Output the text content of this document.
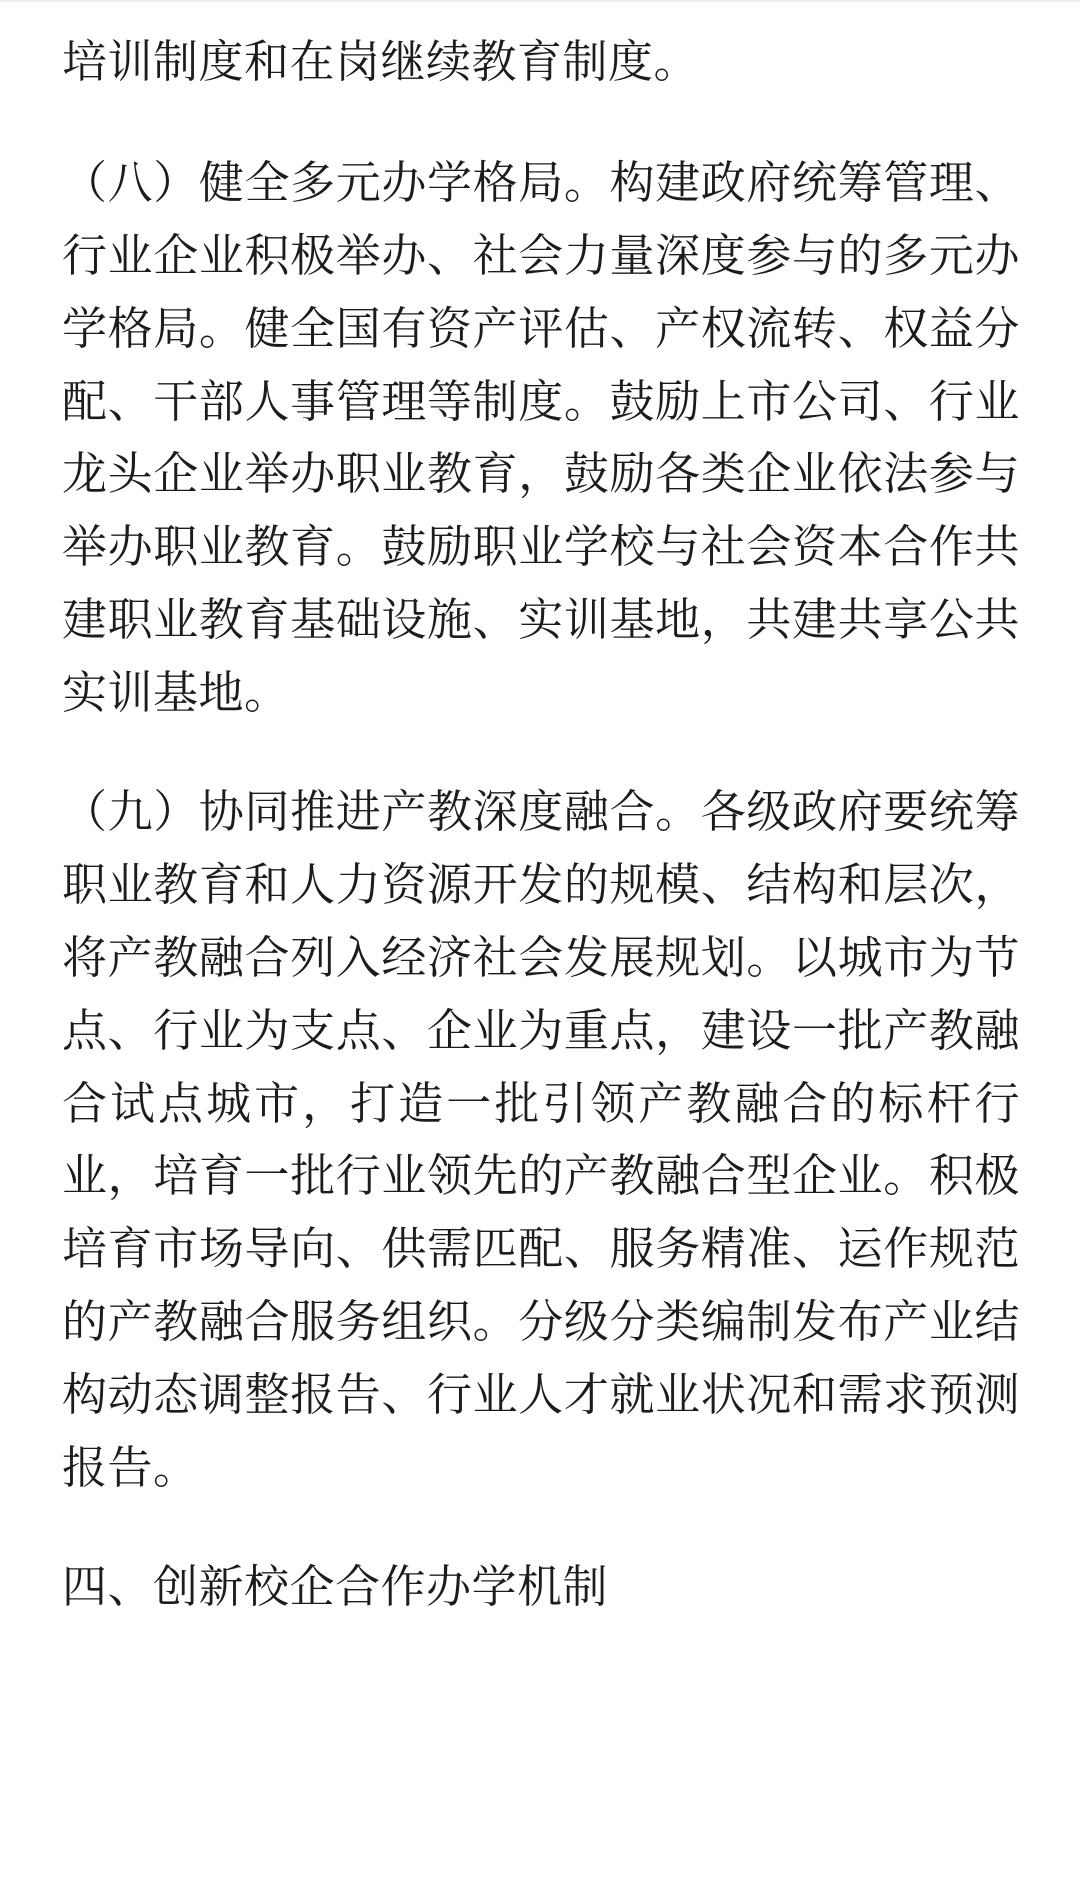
培训制度和在岗继续教育制度。

（八）健全多元办学格局。构建政府统筹管理、行业企业积极举办、社会力量深度参与的多元办学格局。健全国有资产评估、产权流转、权益分配、干部人事管理等制度。鼓励上市公司、行业龙头企业举办职业教育，鼓励各类企业依法参与举办职业教育。鼓励职业学校与社会资本合作共建职业教育基础设施、实训基地，共建共享公共实训基地。

（九）协同推进产教深度融合。各级政府要统筹职业教育和人力资源开发的规模、结构和层次，将产教融合列入经济社会发展规划。以城市为节点、行业为支点、企业为重点，建设一批产教融合试点城市，打造一批引领产教融合的标杆行业，培育一批行业领先的产教融合型企业。积极培育市场导向、供需匹配、服务精准、运作规范的产教融合服务组织。分级分类编制发布产业结构动态调整报告、行业人才就业状况和需求预测报告。

四、创新校企合作办学机制
